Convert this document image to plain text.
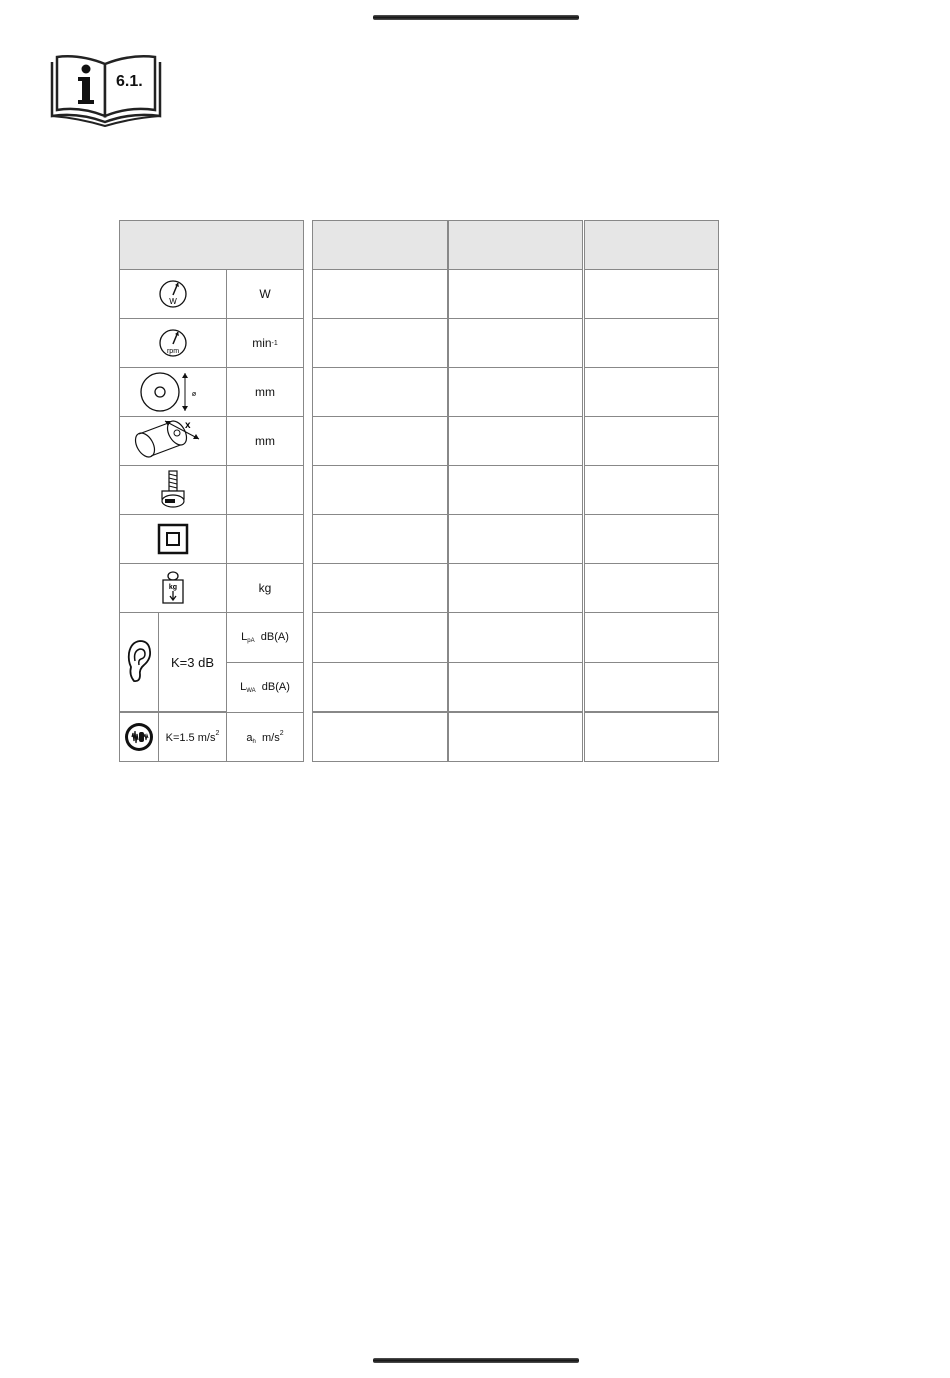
6.1.
W
W
rpm
min -1
ø	mm
x
mm
kg	kg
K=3 dB
$L_{pA}$ dB(A)
$L_{WA}$ dB(A)
K=1.5 $m/s^2$ $a_h$ $m/s^2$
